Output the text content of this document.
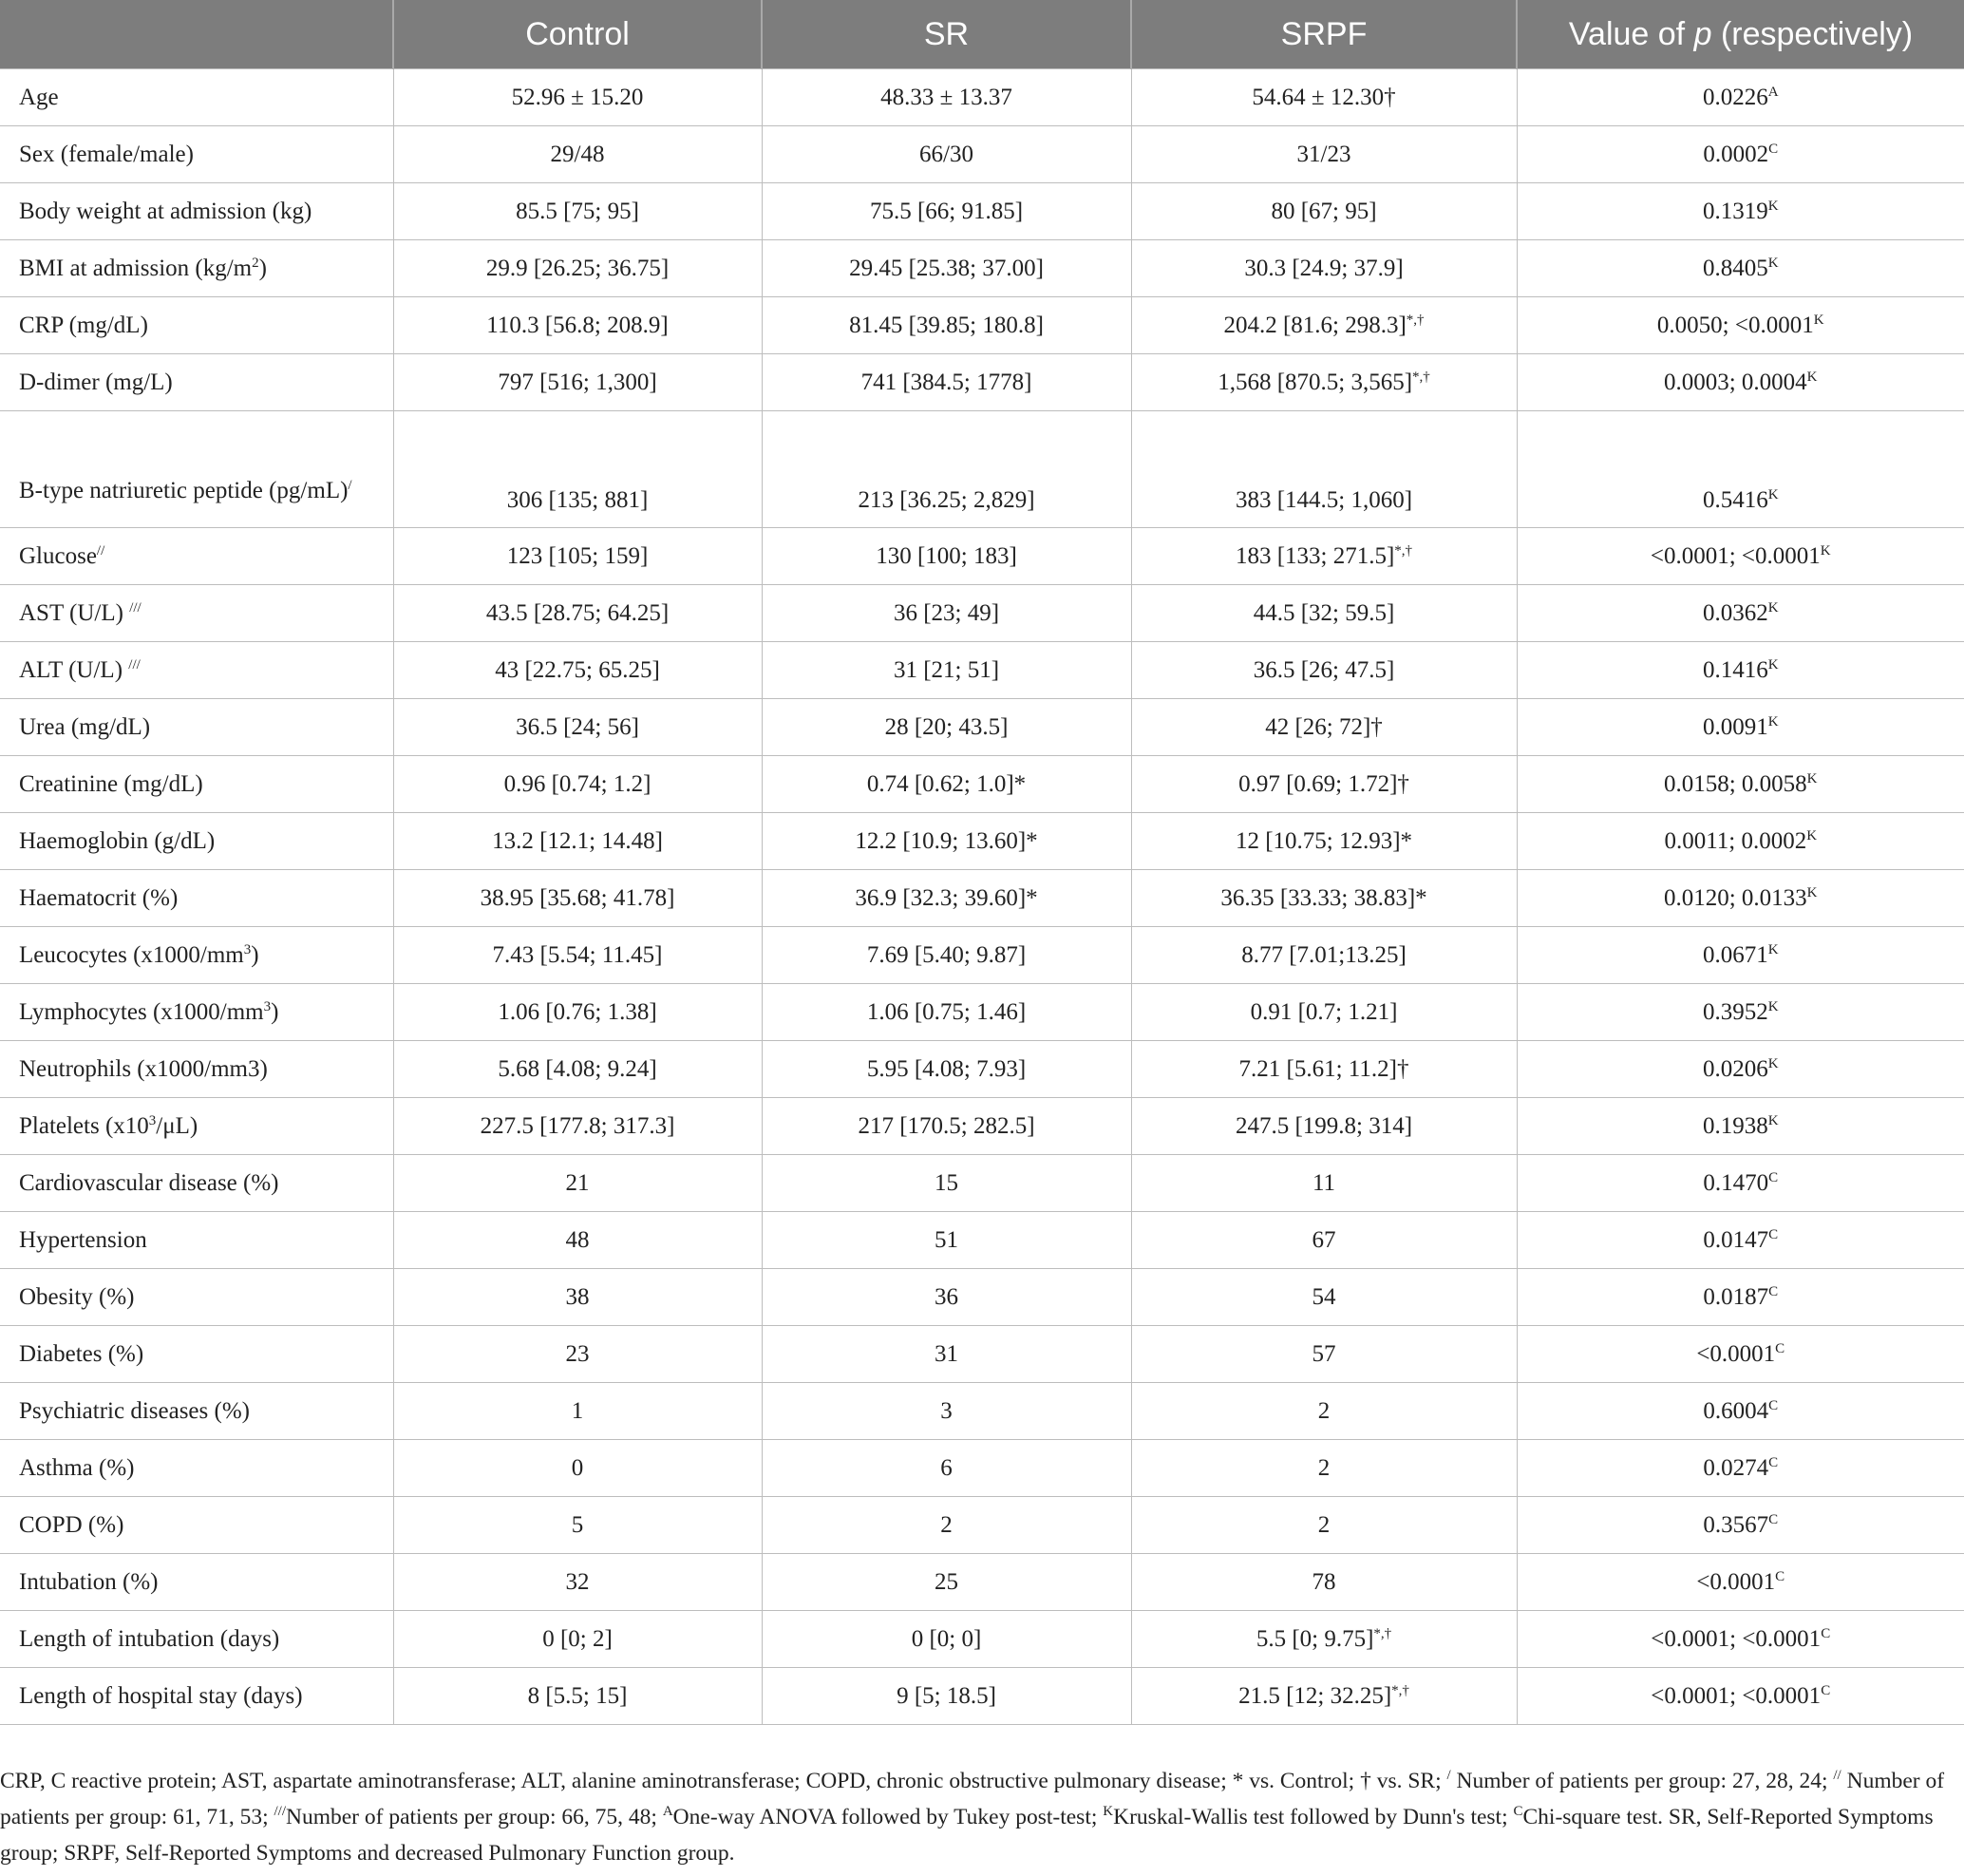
	Control	SR	SRPF	Value of p (respectively)
Age	52.96 ± 15.20	48.33 ± 13.37	54.64 ± 12.30†	$0.0226^A$
Sex (female/male)	29/48	66/30	31/23	$0.0002^C$
Body weight at admission (kg)	85.5 [75; 95]	75.5 [66; 91.85]	80 [67; 95]	$0.1319^K$
BMI at admission $(kg/m^2)$	29.9 [26.25; 36.75]	29.45 [25.38; 37.00]	30.3 [24.9; 37.9]	$0.8405^K$
CRP (mg/dL)	110.3 [56.8; 208.9]	81.45 [39.85; 180.8]	204.2 [81.6; 298.3]*,†	0.0050; $<0.0001^K$
D-dimer (mg/L)	797 [516; 1,300]	741 [384.5; 1778]	1,568 [870.5; 3,565]*,†	0.0003; $0.0004^K$
B-type natriuretic peptide (pg/mL)/	306 [135; 881]	213 [36.25; 2,829]	383 [144.5; 1,060]	$0.5416^K$
Glucose//	123 [105; 159]	130 [100; 183]	183 [133; 271.5]*,†	<0.0001; $<0.0001^K$
AST (U/L) ///	43.5 [28.75; 64.25]	36 [23; 49]	44.5 [32; 59.5]	$0.0362^K$
ALT (U/L) ///	43 [22.75; 65.25]	31 [21; 51]	36.5 [26; 47.5]	$0.1416^K$
Urea (mg/dL)	36.5 [24; 56]	28 [20; 43.5]	42 [26; 72]†	$0.0091^K$
Creatinine (mg/dL)	0.96 [0.74; 1.2]	0.74 [0.62; 1.0]*	0.97 [0.69; 1.72]†	0.0158; $0.0058^K$
Haemoglobin (g/dL)	13.2 [12.1; 14.48]	12.2 [10.9; 13.60]*	12 [10.75; 12.93]*	0.0011; $0.0002^K$
Haematocrit (%)	38.95 [35.68; 41.78]	36.9 [32.3; 39.60]*	36.35 [33.33; 38.83]*	0.0120; $0.0133^K$
Leucocytes $(x1000/mm^3)$	7.43 [5.54; 11.45]	7.69 [5.40; 9.87]	8.77 [7.01;13.25]	$0.0671^K$
Lymphocytes $(x1000/mm^3)$	1.06 [0.76; 1.38]	1.06 [0.75; 1.46]	0.91 [0.7; 1.21]	$0.3952^K$
Neutrophils (x1000/mm3)	5.68 [4.08; 9.24]	5.95 [4.08; 7.93]	7.21 [5.61; 11.2]†	$0.0206^K$
Platelets $(x10^3/\mu L)$	227.5 [177.8; 317.3]	217 [170.5; 282.5]	247.5 [199.8; 314]	$0.1938^K$
Cardiovascular disease (%)	21	15	11	$0.1470^C$
Hypertension	48	51	67	$0.0147^C$
Obesity (%)	38	36	54	$0.0187^C$
Diabetes (%)	23	31	57	$<0.0001^C$
Psychiatric diseases (%)	1	3	2	$0.6004^C$
Asthma (%)	0	6	2	$0.0274^C$
COPD (%)	5	2	2	$0.3567^C$
Intubation (%)	32	25	78	$<0.0001^C$
Length of intubation (days)	0 [0; 2]	0 [0; 0]	5.5 [0; 9.75]*,†	<0.0001; $<0.0001^C$
Length of hospital stay (days)	8 [5.5; 15]	9 [5; 18.5]	21.5 [12; 32.25]*,†	<0.0001; $<0.0001^C$
CRP, C reactive protein; AST, aspartate aminotransferase; ALT, alanine aminotransferase; COPD, chronic obstructive pulmonary disease; * vs. Control; † vs. SR; / Number of patients per group: 27, 28, 24; // Number of patients per group: 61, 71, 53; ///Number of patients per group: 66, 75, 48; $^A$One-way ANOVA followed by Tukey post-test; $^K$Kruskal-Wallis test followed by Dunn's test; $^C$Chi-square test. SR, Self-Reported Symptoms group; SRPF, Self-Reported Symptoms and decreased Pulmonary Function group.
